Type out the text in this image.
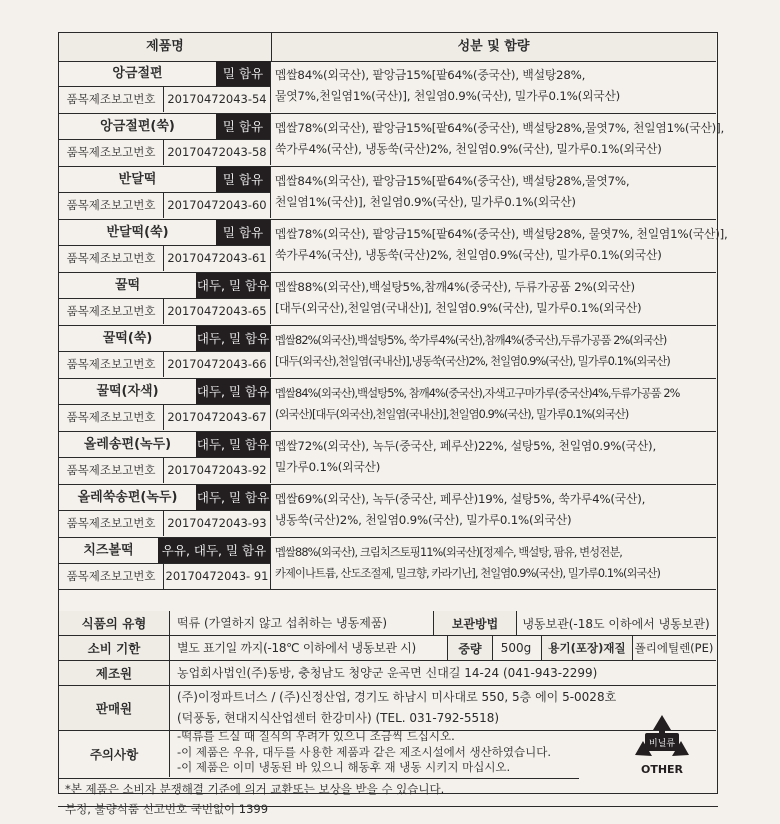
제품명	성분 및 함량
앙금절편	밀 함유
품목제조보고번호	20170472043-54
멥쌀84%(외국산), 팥앙금15%[팥64%(중국산), 백설탕28%,
물엿7%,천일염1%(국산)], 천일염0.9%(국산), 밀가루0.1%(외국산)
앙금절편(쑥)	밀 함유
품목제조보고번호	20170472043-58
멥쌀78%(외국산), 팥앙금15%[팥64%(중국산), 백설탕28%,물엿7%, 천일염1%(국산)],
쑥가루4%(국산), 냉동쑥(국산)2%, 천일염0.9%(국산), 밀가루0.1%(외국산)
반달떡	밀 함유
품목제조보고번호	20170472043-60
멥쌀84%(외국산), 팥앙금15%[팥64%(중국산), 백설탕28%,물엿7%,
천일염1%(국산)], 천일염0.9%(국산), 밀가루0.1%(외국산)
반달떡(쑥)	밀 함유
품목제조보고번호	20170472043-61
멥쌀78%(외국산), 팥앙금15%[팥64%(중국산), 백설탕28%, 물엿7%, 천일염1%(국산)],
쑥가루4%(국산), 냉동쑥(국산)2%, 천일염0.9%(국산), 밀가루0.1%(외국산)
꿀떡	대두, 밀 함유
품목제조보고번호	20170472043-65
멥쌀88%(외국산),백설탕5%,참깨4%(중국산), 두류가공품 2%(외국산)
[대두(외국산),천일염(국내산)], 천일염0.9%(국산), 밀가루0.1%(외국산)
꿀떡(쑥)	대두, 밀 함유
품목제조보고번호	20170472043-66
멥쌀82%(외국산),백설탕5%, 쑥가루4%(국산),참깨4%(중국산),두류가공품 2%(외국산)
[대두(외국산),천일염(국내산)],냉동쑥(국산)2%, 천일염0.9%(국산), 밀가루0.1%(외국산)
꿀떡(자색)	대두, 밀 함유
품목제조보고번호	20170472043-67
멥쌀84%(외국산),백설탕5%, 참깨4%(중국산),자색고구마가루(중국산)4%,두류가공품 2%
(외국산)[대두(외국산),천일염(국내산)],천일염0.9%(국산), 밀가루0.1%(외국산)
올레송편(녹두)	대두, 밀 함유
품목제조보고번호	20170472043-92
멥쌀72%(외국산), 녹두(중국산, 페루산)22%, 설탕5%, 천일염0.9%(국산),
밀가루0.1%(외국산)
올레쑥송편(녹두)	대두, 밀 함유
품목제조보고번호	20170472043-93
멥쌀69%(외국산), 녹두(중국산, 페루산)19%, 설탕5%, 쑥가루4%(국산),
냉동쑥(국산)2%, 천일염0.9%(국산), 밀가루0.1%(외국산)
치즈볼떡	우유, 대두, 밀 함유
품목제조보고번호 20170472043- 91
멥쌀88%(외국산), 크림치즈토핑11%(외국산)[정제수, 백설탕, 팜유, 변성전분,
카제이나트륨, 산도조절제, 밀크향, 카라기난], 천일염0.9%(국산), 밀가루0.1%(외국산)
식품의 유형	떡류 (가열하지 않고 섭취하는 냉동제품)	보관방법	냉동보관(-18도 이하에서 냉동보관)
소비 기한	별도 표기일 까지(-18℃ 이하에서 냉동보관 시)	중량	500g	용기(포장)재질 폴리에틸렌(PE)
제조원	농업회사법인(주)동방, 충청남도 청양군 운곡면 신대길 14-24 (041-943-2299)
판매원
(주)이정파트너스 / (주)신정산업, 경기도 하남시 미사대로 550, 5층 에이 5-0028호
(덕풍동, 현대지식산업센터 한강미사) (TEL. 031-792-5518)
주의사항
-떡류를 드실 때 질식의 우려가 있으니 조금씩 드십시오.
-이 제품은 우유, 대두를 사용한 제품과 같은 제조시설에서 생산하였습니다.
-이 제품은 이미 냉동된 바 있으니 해동후 재 냉동 시키지 마십시오.
*본 제품은 소비자 분쟁해결 기준에 의거 교환또는 보상을 받을 수 있습니다.
부정, 불량식품 신고번호 국번없이 1399
비닐류
OTHER
